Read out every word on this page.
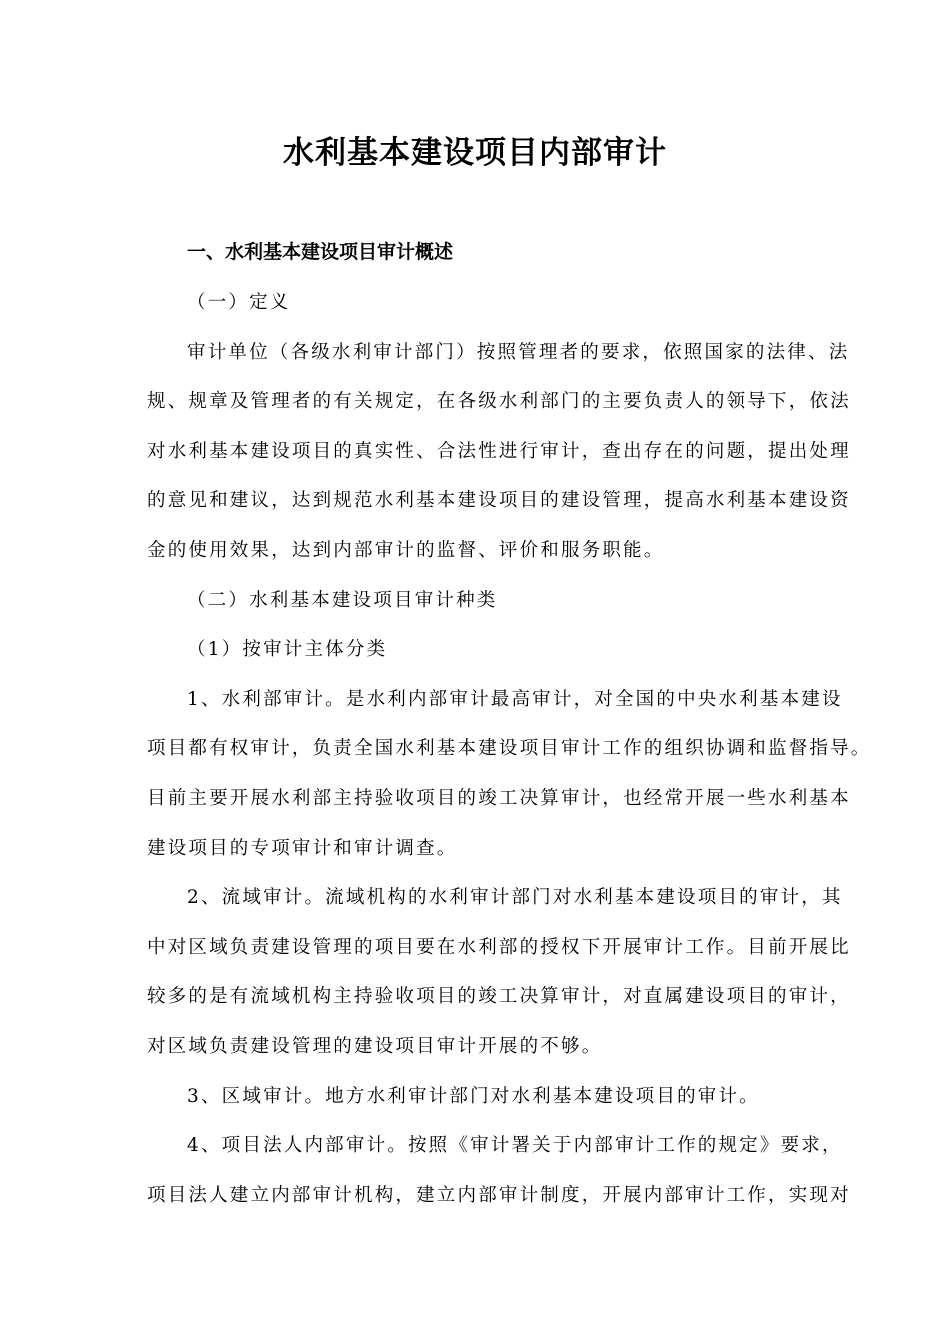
水利基本建设项目内部审计
一、水利基本建设项目审计概述
（一）定义
审计单位（各级水利审计部门）按照管理者的要求，依照国家的法律、法
规、规章及管理者的有关规定，在各级水利部门的主要负责人的领导下，依法
对水利基本建设项目的真实性、合法性进行审计，查出存在的问题，提出处理
的意见和建议，达到规范水利基本建设项目的建设管理，提高水利基本建设资
金的使用效果，达到内部审计的监督、评价和服务职能。
（二）水利基本建设项目审计种类
（1）按审计主体分类
1、水利部审计。是水利内部审计最高审计，对全国的中央水利基本建设
项目都有权审计，负责全国水利基本建设项目审计工作的组织协调和监督指导。
目前主要开展水利部主持验收项目的竣工决算审计，也经常开展一些水利基本
建设项目的专项审计和审计调查。
2、流域审计。流域机构的水利审计部门对水利基本建设项目的审计，其
中对区域负责建设管理的项目要在水利部的授权下开展审计工作。目前开展比
较多的是有流域机构主持验收项目的竣工决算审计，对直属建设项目的审计，
对区域负责建设管理的建设项目审计开展的不够。
3、区域审计。地方水利审计部门对水利基本建设项目的审计。
4、项目法人内部审计。按照《审计署关于内部审计工作的规定》要求，
项目法人建立内部审计机构，建立内部审计制度，开展内部审计工作，实现对
